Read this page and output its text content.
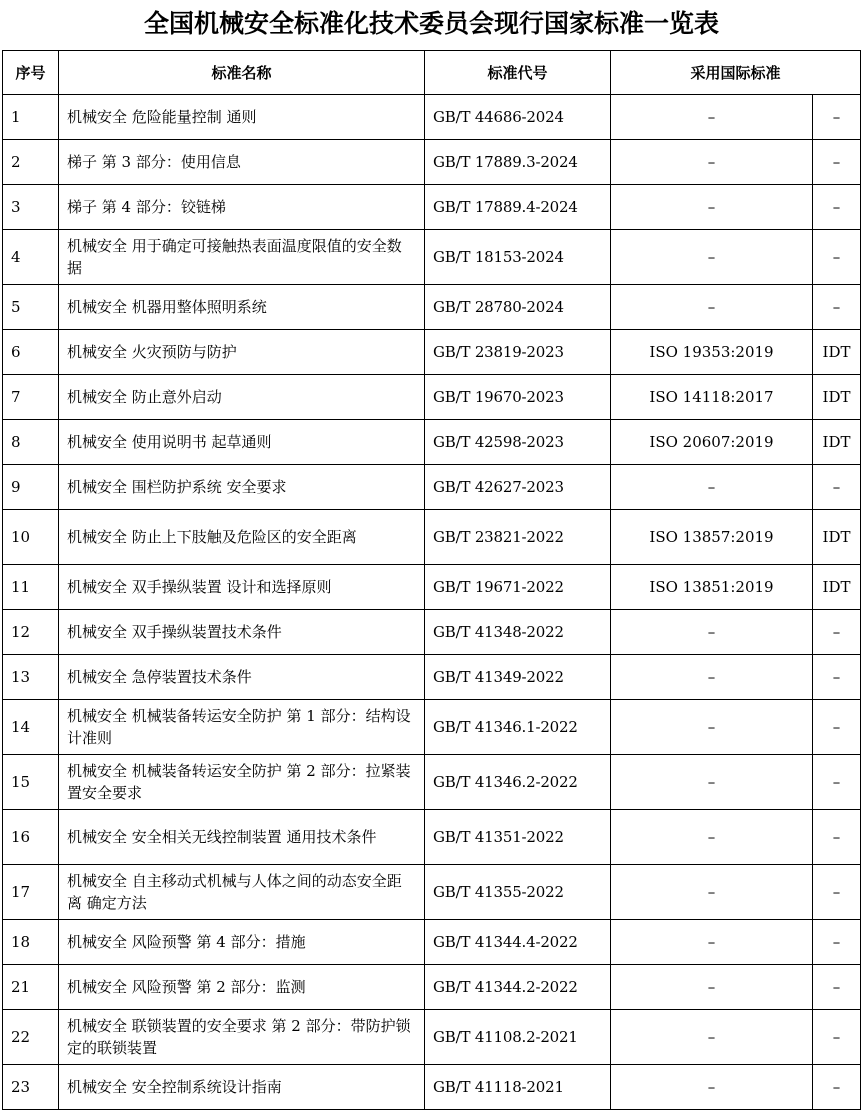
全国机械安全标准化技术委员会现行国家标准一览表
序号	标准名称	标准代号	采用国际标准	
1	机械安全 危险能量控制 通则	GB/T 44686-2024	–	–
2	梯子 第 3 部分：使用信息	GB/T 17889.3-2024	–	–
3	梯子 第 4 部分：铰链梯	GB/T 17889.4-2024	–	–
4	机械安全 用于确定可接触热表面温度限值的安全数据	GB/T 18153-2024	–	–
5	机械安全 机器用整体照明系统	GB/T 28780-2024	–	–
6	机械安全 火灾预防与防护	GB/T 23819-2023	ISO 19353:2019	IDT
7	机械安全 防止意外启动	GB/T 19670-2023	ISO 14118:2017	IDT
8	机械安全 使用说明书 起草通则	GB/T 42598-2023	ISO 20607:2019	IDT
9	机械安全 围栏防护系统 安全要求	GB/T 42627-2023	–	–
10	机械安全 防止上下肢触及危险区的安全距离	GB/T 23821-2022	ISO 13857:2019	IDT
11	机械安全 双手操纵装置 设计和选择原则	GB/T 19671-2022	ISO 13851:2019	IDT
12	机械安全 双手操纵装置技术条件	GB/T 41348-2022	–	–
13	机械安全 急停装置技术条件	GB/T 41349-2022	–	–
14	机械安全 机械装备转运安全防护 第 1 部分：结构设计准则	GB/T 41346.1-2022	–	–
15	机械安全 机械装备转运安全防护 第 2 部分：拉紧装置安全要求	GB/T 41346.2-2022	–	–
16	机械安全 安全相关无线控制装置 通用技术条件	GB/T 41351-2022	–	–
17	机械安全 自主移动式机械与人体之间的动态安全距离 确定方法	GB/T 41355-2022	–	–
18	机械安全 风险预警 第 4 部分：措施	GB/T 41344.4-2022	–	–
21	机械安全 风险预警 第 2 部分：监测	GB/T 41344.2-2022	–	–
22	机械安全 联锁装置的安全要求 第 2 部分：带防护锁定的联锁装置	GB/T 41108.2-2021	–	–
23	机械安全 安全控制系统设计指南	GB/T 41118-2021	–	–
